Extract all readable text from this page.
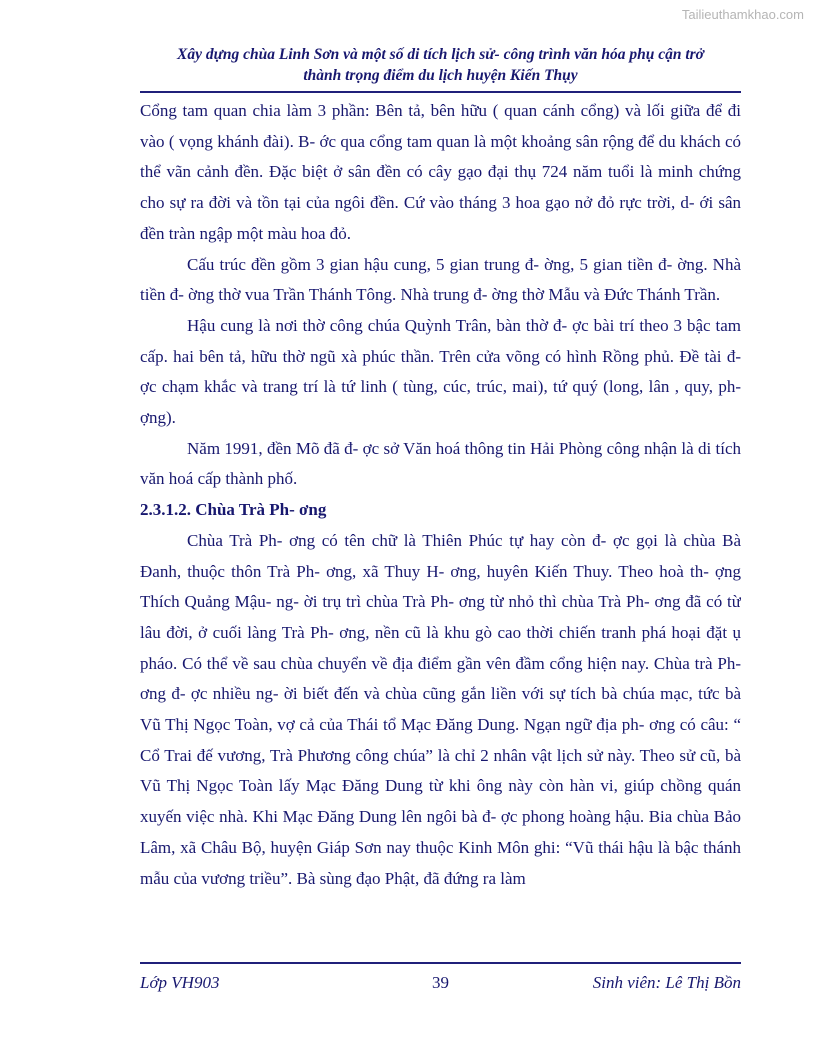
Tailieuthamkhao.com
Xây dựng chùa Linh Sơn và một số di tích lịch sử- công trình văn hóa phụ cận trở
thành trọng điểm du lịch huyện Kiến Thụy

Cổng tam quan chia làm 3 phần: Bên tả, bên hữu ( quan cánh cổng) và lối giữa để đi vào ( vọng khánh đài). B- ớc qua cổng tam quan là một khoảng sân rộng để du khách có thể vãn cảnh đền. Đặc biệt ở sân đền có cây gạo đại thụ 724 năm tuổi là minh chứng cho sự ra đời và tồn tại của ngôi đền. Cứ vào tháng 3 hoa gạo nở đỏ rực trời, d- ới sân đền tràn ngập một màu hoa đỏ.

Cấu trúc đền gồm 3 gian hậu cung, 5 gian trung đ- ờng, 5 gian tiền đ- ờng. Nhà tiền đ- ờng thờ vua Trần Thánh Tông. Nhà trung đ- ờng thờ Mẫu và Đức Thánh Trần.

Hậu cung là nơi thờ công chúa Quỳnh Trân, bàn thờ đ- ợc bài trí theo 3 bậc tam cấp. hai bên tả, hữu thờ ngũ xà phúc thần. Trên cửa võng có hình Rồng phủ. Đề tài đ- ợc chạm khắc và trang trí là tứ linh ( tùng, cúc, trúc, mai), tứ quý (long, lân , quy, ph- ợng).

Năm 1991, đền Mõ đã đ- ợc sở Văn hoá thông tin Hải Phòng công nhận là di tích văn hoá cấp thành phố.

2.3.1.2. Chùa Trà Ph- ơng

Chùa Trà Ph- ơng có tên chữ là Thiên Phúc tự hay còn đ- ợc gọi là chùa Bà Đanh, thuộc thôn Trà Ph- ơng, xã Thuy H- ơng, huyên Kiến Thuy. Theo hoà th- ợng Thích Quảng Mậu- ng- ời trụ trì chùa Trà Ph- ơng từ nhỏ thì chùa Trà Ph- ơng đã có từ lâu đời, ở cuối làng Trà Ph- ơng, nền cũ là khu gò cao thời chiến tranh phá hoại đặt ụ pháo. Có thể về sau chùa chuyển về địa điểm gần vên đầm cổng hiện nay. Chùa trà Ph- ơng đ- ợc nhiều ng- ời biết đến và chùa cũng gắn liền với sự tích bà chúa mạc, tức bà Vũ Thị Ngọc Toàn, vợ cả của Thái tổ Mạc Đăng Dung. Ngạn ngữ địa ph- ơng có câu: “ Cổ Trai đế vương, Trà Phương công chúa” là chỉ 2 nhân vật lịch sử này. Theo sử cũ, bà Vũ Thị Ngọc Toàn lấy Mạc Đăng Dung từ khi ông này còn hàn vi, giúp chồng quán xuyến việc nhà. Khi Mạc Đăng Dung lên ngôi bà đ- ợc phong hoàng hậu. Bia chùa Bảo Lâm, xã Châu Bộ, huyện Giáp Sơn nay thuộc Kinh Môn ghi: “Vũ thái hậu là bậc thánh mẫu của vương triều”. Bà sùng đạo Phật, đã đứng ra làm

Lớp VH903	39	Sinh viên: Lê Thị Bồn
